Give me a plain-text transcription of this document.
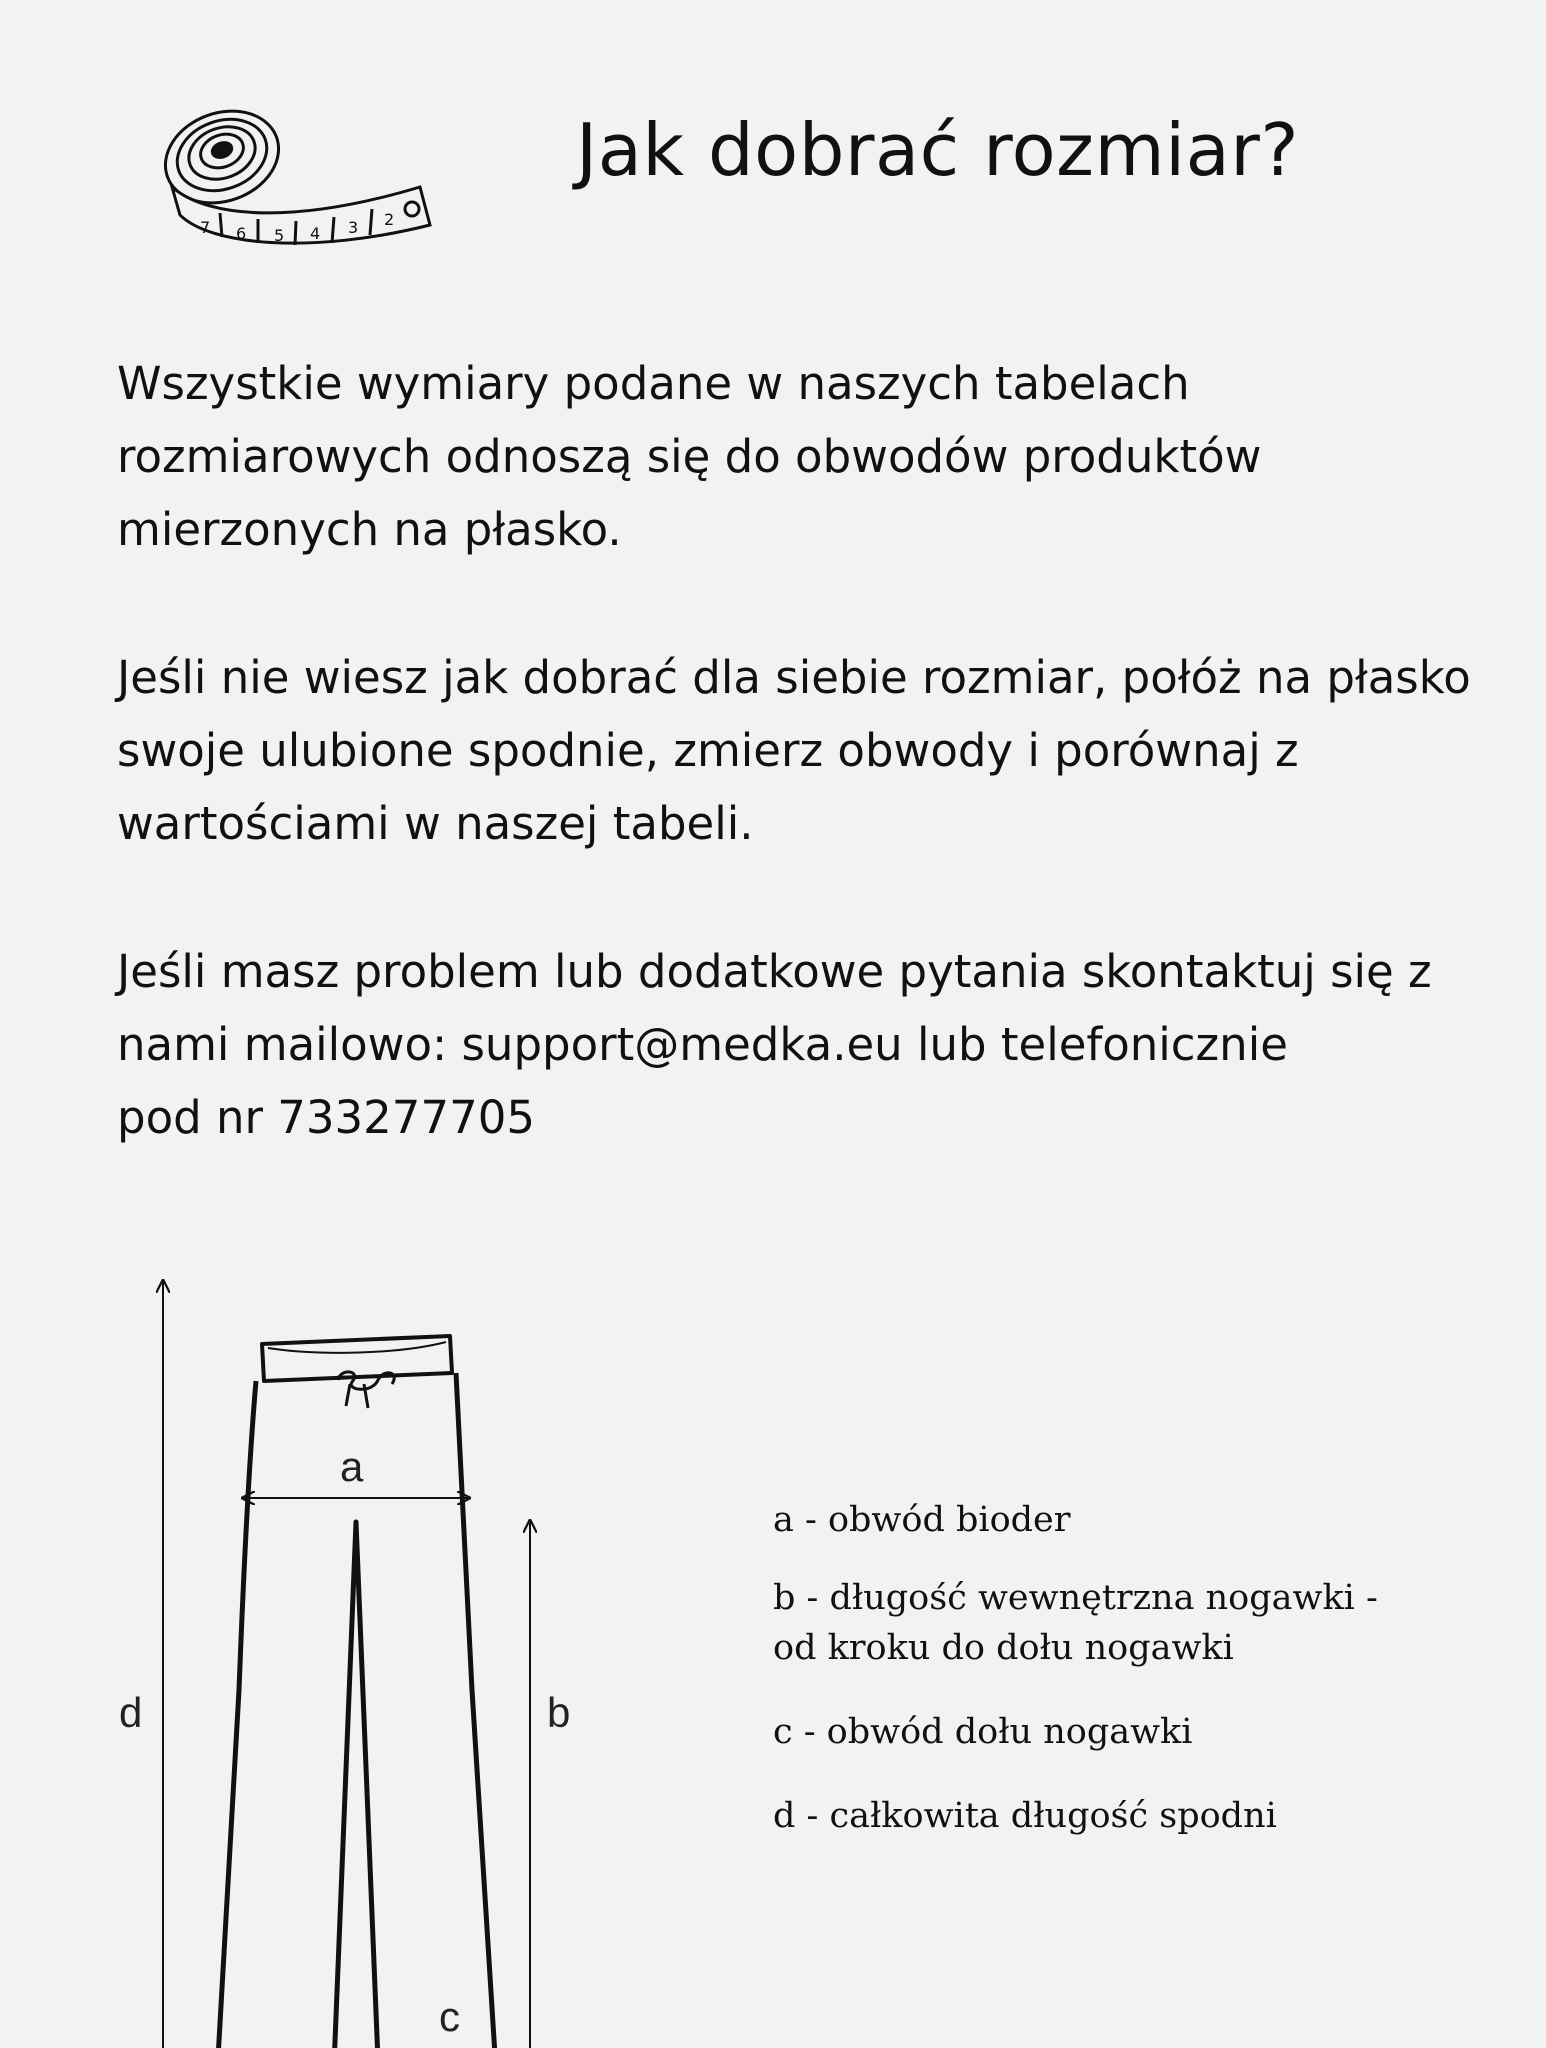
7 6 5 4 3 2
Jak dobrać rozmiar?
Wszystkie wymiary podane w naszych tabelach
rozmiarowych odnoszą się do obwodów produktów
mierzonych na płasko.
Jeśli nie wiesz jak dobrać dla siebie rozmiar, połóż na płasko
swoje ulubione spodnie, zmierz obwody i porównaj z
wartościami w naszej tabeli.
Jeśli masz problem lub dodatkowe pytania skontaktuj się z
nami mailowo: support@medka.eu lub telefonicznie
pod nr 733277705
a
d	b
c
a - obwód bioder
b - długość wewnętrzna nogawki -
od kroku do dołu nogawki
c - obwód dołu nogawki
d - całkowita długość spodni
